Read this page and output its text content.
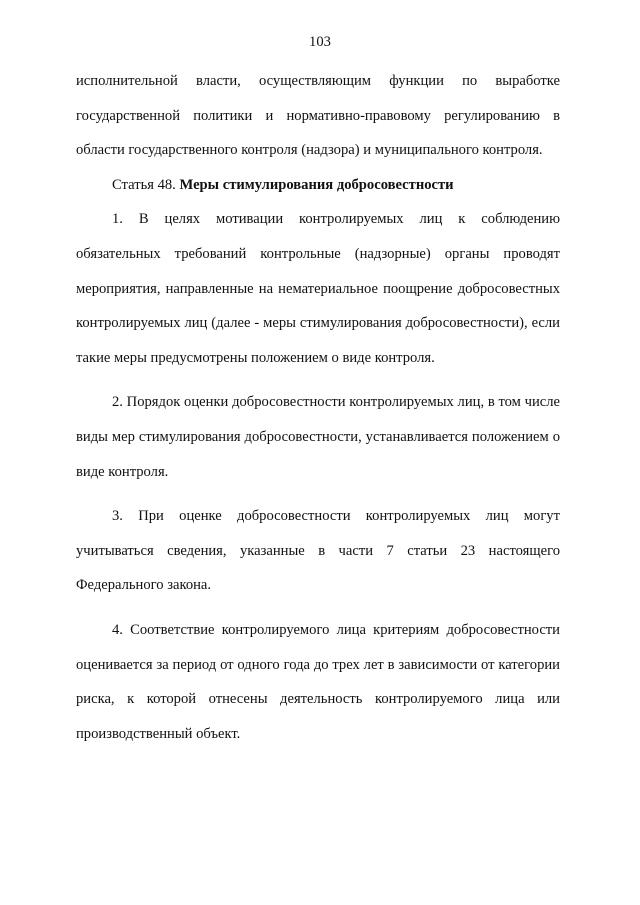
103

исполнительной власти, осуществляющим функции по выработке государственной политики и нормативно-правовому регулированию в области государственного контроля (надзора) и муниципального контроля.

Статья 48. Меры стимулирования добросовестности

1. В целях мотивации контролируемых лиц к соблюдению обязательных требований контрольные (надзорные) органы проводят мероприятия, направленные на нематериальное поощрение добросовестных контролируемых лиц (далее - меры стимулирования добросовестности), если такие меры предусмотрены положением о виде контроля.

2. Порядок оценки добросовестности контролируемых лиц, в том числе виды мер стимулирования добросовестности, устанавливается положением о виде контроля.

3. При оценке добросовестности контролируемых лиц могут учитываться сведения, указанные в части 7 статьи 23 настоящего Федерального закона.

4. Соответствие контролируемого лица критериям добросовестности оценивается за период от одного года до трех лет в зависимости от категории риска, к которой отнесены деятельность контролируемого лица или производственный объект.
